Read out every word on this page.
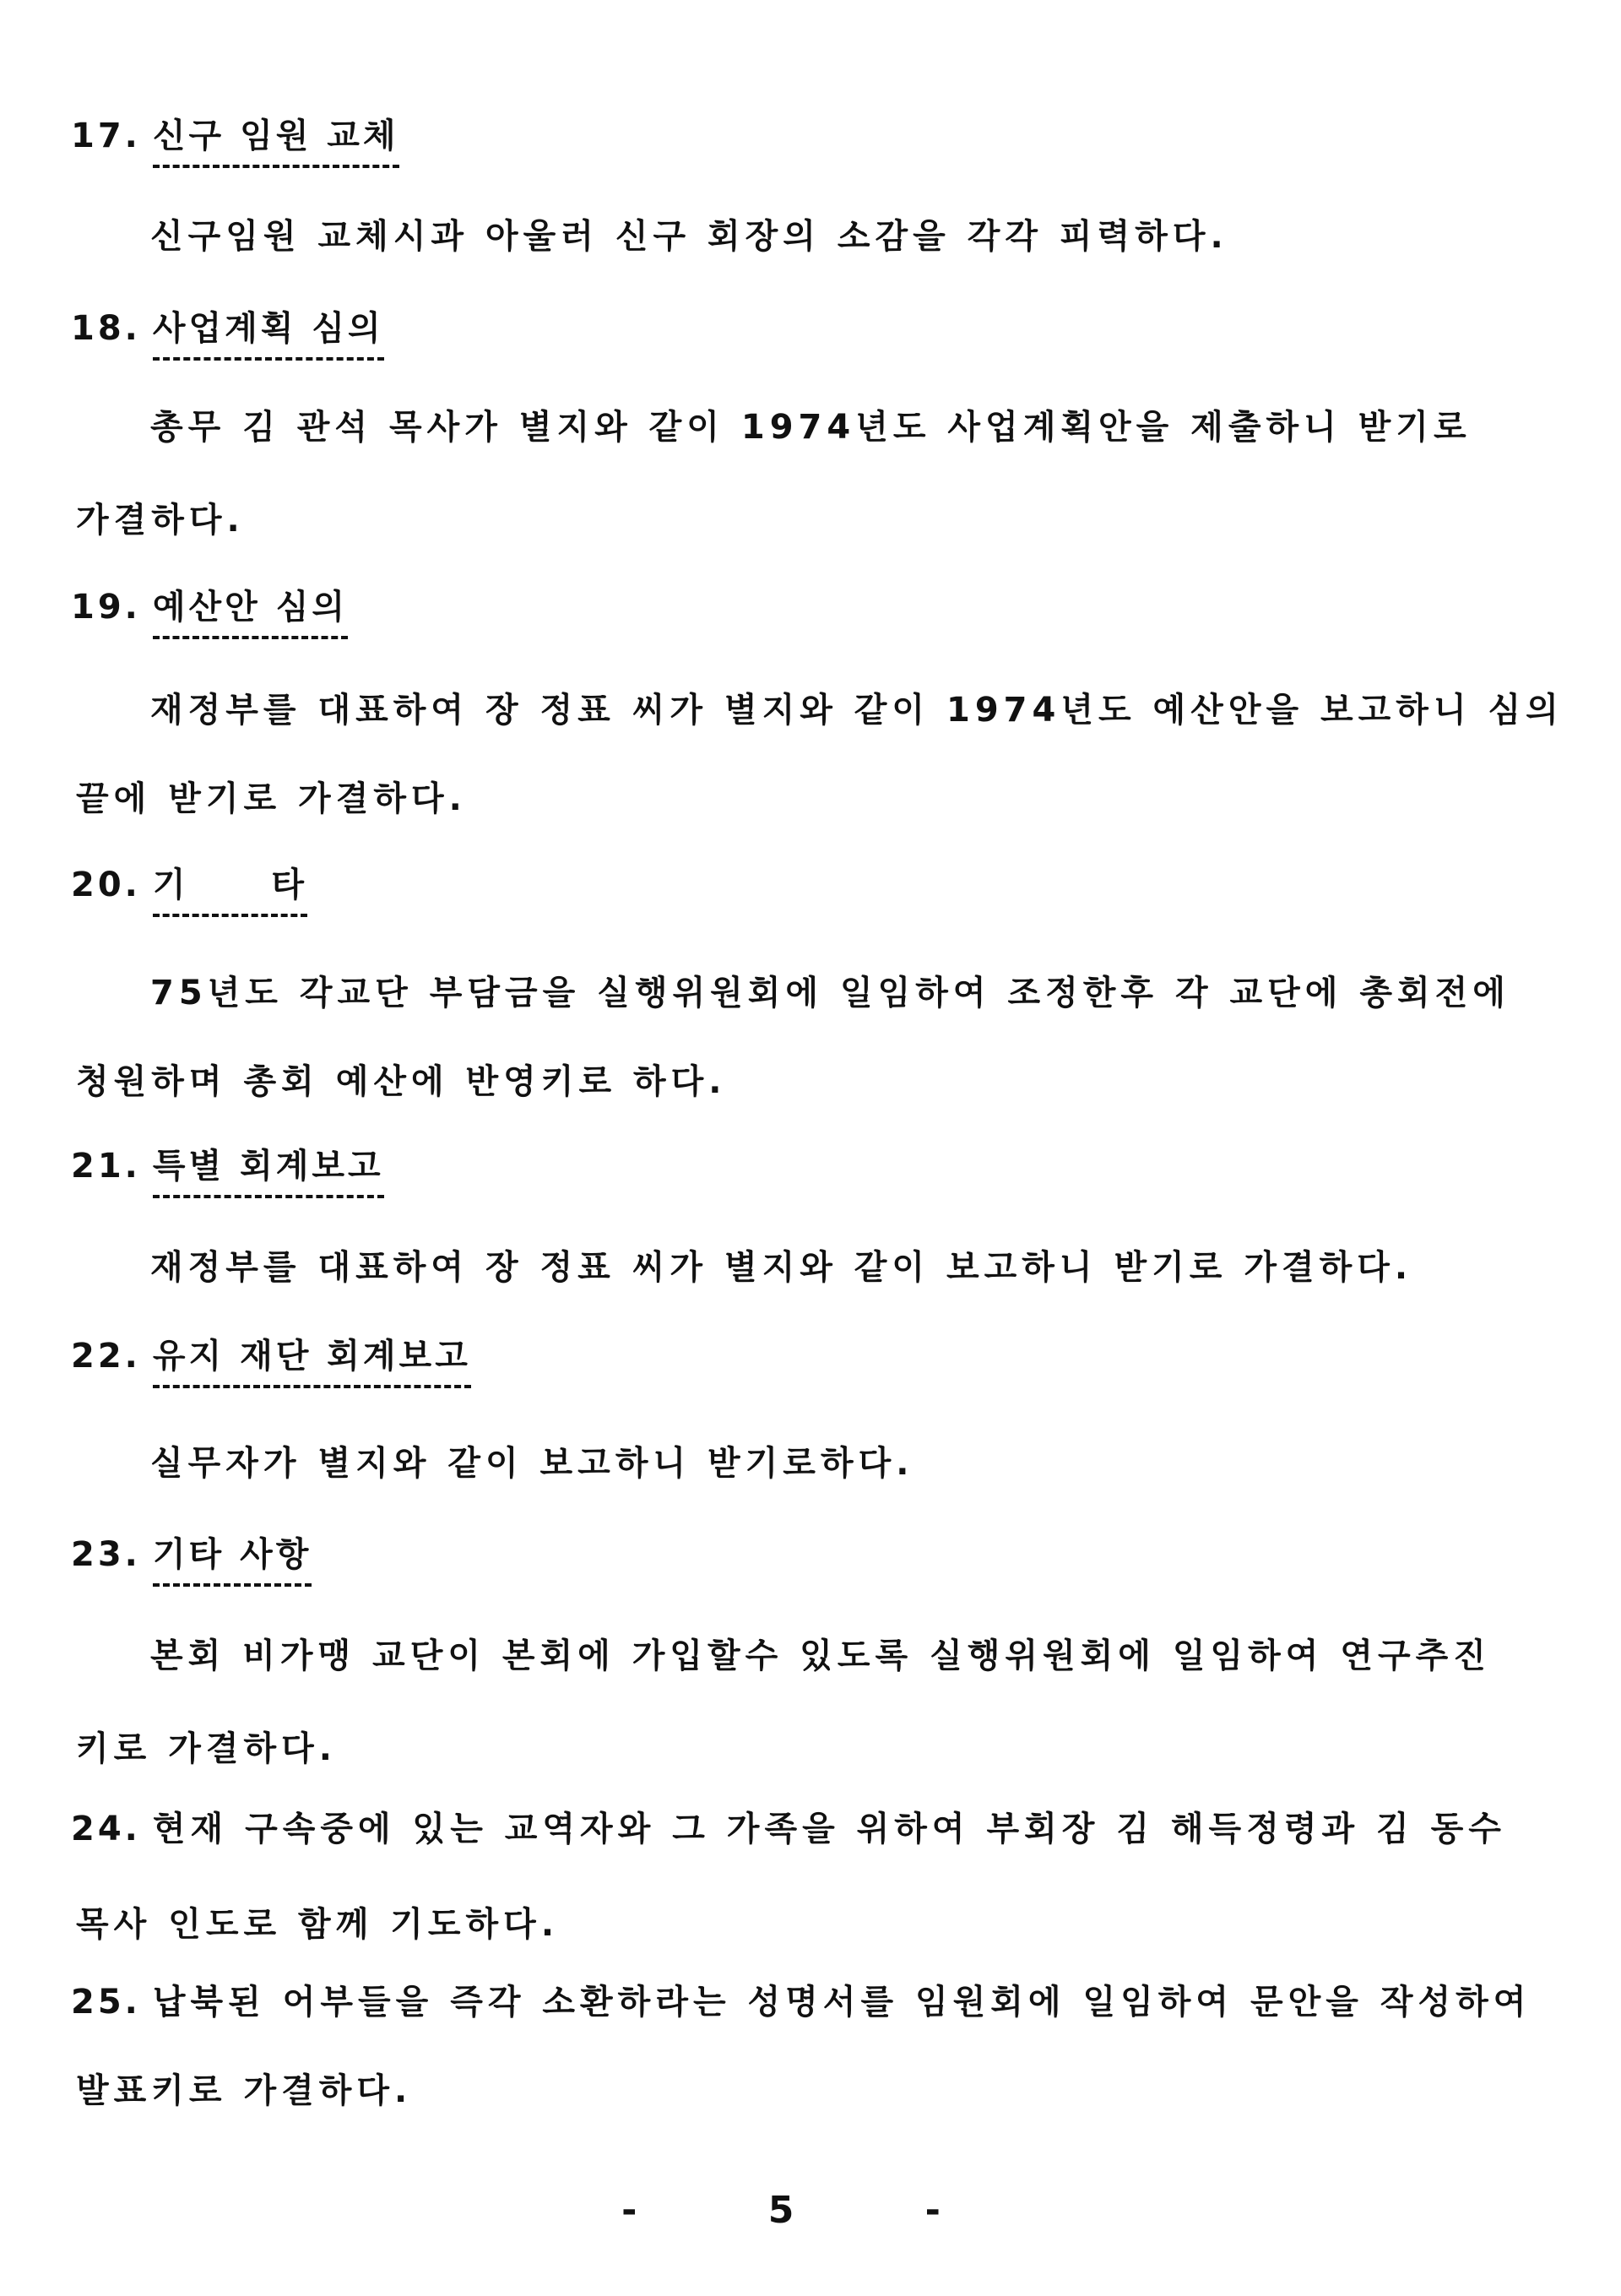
17. 신구 임원 교체
신구임원 교체시과 아울러 신구 회장의 소감을 각각 피력하다.
18. 사업계획 심의
총무 김 관석 목사가 별지와 같이 1974년도 사업계획안을 제출하니 받기로
가결하다.
19. 예산안 심의
재정부를 대표하여 장 정표 씨가 별지와 같이 1974년도 예산안을 보고하니 심의
끝에 받기로 가결하다.
20. 기 타
75년도 각교단 부담금을 실행위원회에 일임하여 조정한후 각 교단에 총회전에
청원하며 총회 예산에 반영키로 하다.
21. 특별 회계보고
재정부를 대표하여 장 정표 씨가 별지와 같이 보고하니 받기로 가결하다.
22. 유지 재단 회계보고
실무자가 별지와 같이 보고하니 받기로하다.
23. 기타 사항
본회 비가맹 교단이 본회에 가입할수 있도록 실행위원회에 일임하여 연구추진
키로 가결하다.
24. 현재 구속중에 있는 교역자와 그 가족을 위하여 부회장 김 해득정령과 김 동수
목사 인도로 함께 기도하다.
25. 납북된 어부들을 즉각 소환하라는 성명서를 임원회에 일임하여 문안을 작성하여
발표키로 가결하다.
- 5 -
